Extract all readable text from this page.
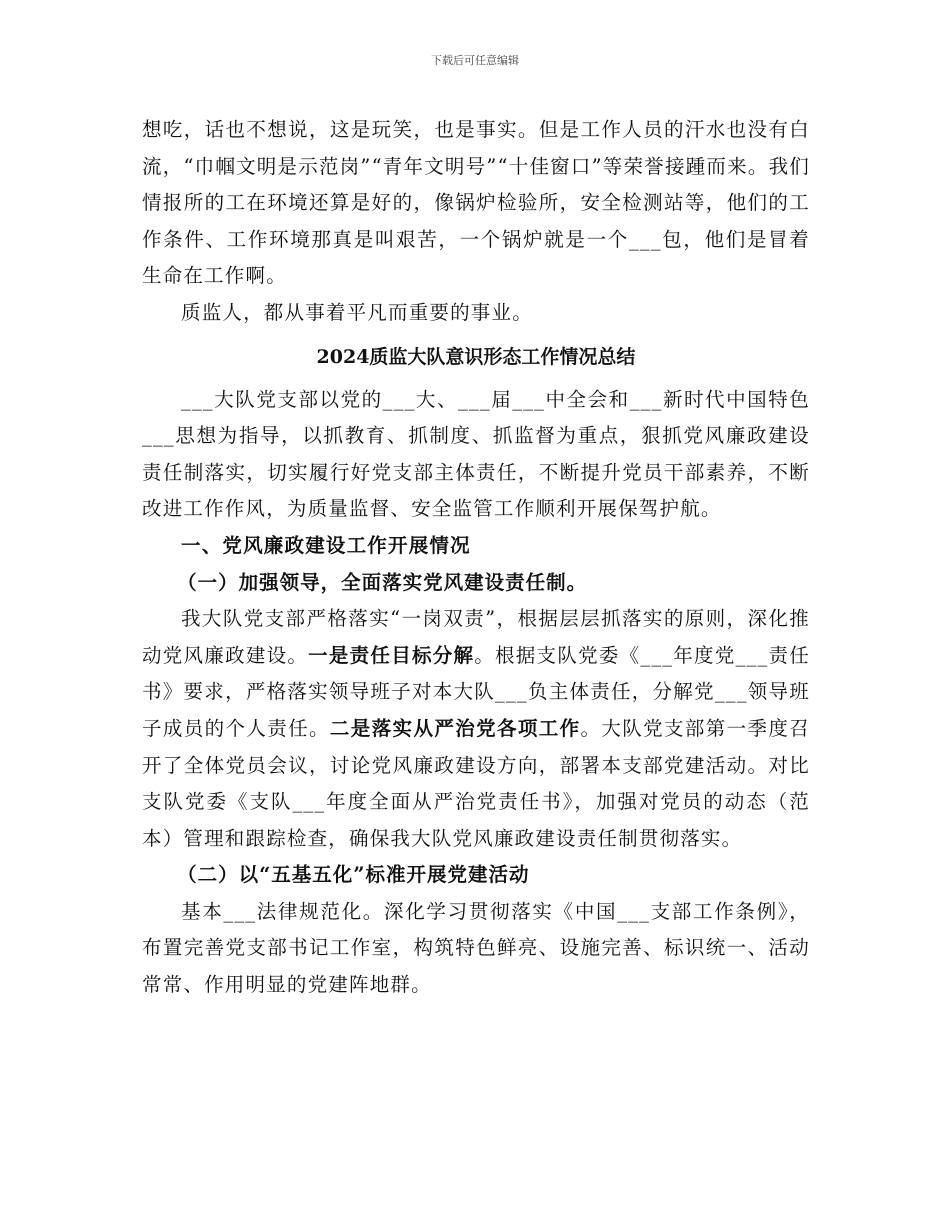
下载后可任意编辑

想吃，话也不想说，这是玩笑，也是事实。但是工作人员的汗水也没有白流，“巾帼文明是示范岗”“青年文明号”“十佳窗口”等荣誉接踵而来。我们情报所的工在环境还算是好的，像锅炉检验所，安全检测站等，他们的工作条件、工作环境那真是叫艰苦，一个锅炉就是一个___包，他们是冒着生命在工作啊。

质监人，都从事着平凡而重要的事业。

2024质监大队意识形态工作情况总结

___大队党支部以党的___大、___届___中全会和___新时代中国特色___思想为指导，以抓教育、抓制度、抓监督为重点，狠抓党风廉政建设责任制落实，切实履行好党支部主体责任，不断提升党员干部素养，不断改进工作作风，为质量监督、安全监管工作顺利开展保驾护航。

一、党风廉政建设工作开展情况

（一）加强领导，全面落实党风建设责任制。

我大队党支部严格落实“一岗双责”，根据层层抓落实的原则，深化推动党风廉政建设。一是责任目标分解。根据支队党委《___年度党___责任书》要求，严格落实领导班子对本大队___负主体责任，分解党___领导班子成员的个人责任。二是落实从严治党各项工作。大队党支部第一季度召开了全体党员会议，讨论党风廉政建设方向，部署本支部党建活动。对比支队党委《支队___年度全面从严治党责任书》，加强对党员的动态（范本）管理和跟踪检查，确保我大队党风廉政建设责任制贯彻落实。

（二）以“五基五化”标准开展党建活动

基本___法律规范化。深化学习贯彻落实《中国___支部工作条例》，布置完善党支部书记工作室，构筑特色鲜亮、设施完善、标识统一、活动常常、作用明显的党建阵地群。
